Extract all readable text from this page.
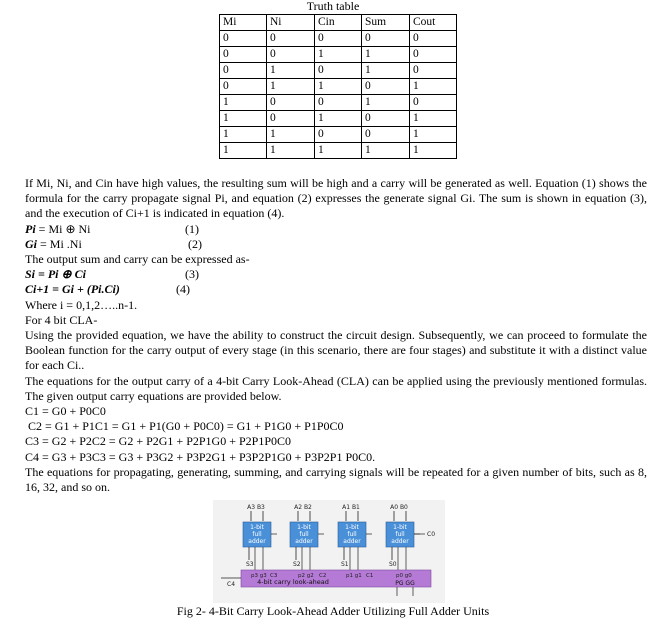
Truth table
Mi	Ni	Cin	Sum	Cout
0	0	0	0	0
0	0	1	1	0
0	1	0	1	0
0	1	1	0	1
1	0	0	1	0
1	0	1	0	1
1	1	0	0	1
1	1	1	1	1

If Mi, Ni, and Cin have high values, the resulting sum will be high and a carry will be generated as well. Equation (1) shows the formula for the carry propagate signal Pi, and equation (2) expresses the generate signal Gi. The sum is shown in equation (3), and the execution of Ci+1 is indicated in equation (4).

Pi = Mi ⊕ Ni	(1)
Gi = Mi .Ni	(2)

The output sum and carry can be expressed as-

Si = Pi ⊕ Ci	(3)
Ci+1 = Gi + (Pi.Ci)	(4)

Where i = 0,1,2…..n-1.

For 4 bit CLA-

Using the provided equation, we have the ability to construct the circuit design. Subsequently, we can proceed to formulate the Boolean function for the carry output of every stage (in this scenario, there are four stages) and substitute it with a distinct value for each Ci..

The equations for the output carry of a 4-bit Carry Look-Ahead (CLA) can be applied using the previously mentioned formulas. The given output carry equations are provided below.

C1 = G0 + P0C0

C2 = G1 + P1C1 = G1 + P1(G0 + P0C0) = G1 + P1G0 + P1P0C0

C3 = G2 + P2C2 = G2 + P2G1 + P2P1G0 + P2P1P0C0

C4 = G3 + P3C3 = G3 + P3G2 + P3P2G1 + P3P2P1G0 + P3P2P1 P0C0.

The equations for propagating, generating, summing, and carrying signals will be repeated for a given number of bits, such as 8, 16, 32, and so on.

A3 B3
1-bit
full
adder
S3
A2 B2
1-bit
full
adder
S2
A1 B1
1-bit
full
adder
S1
A0 B0
1-bit
full
adder
S0
C0
p3 g3 C3	p2 g2 C2	p1 g1 C1	p0 g0
4-bit carry look-ahead
C4	PG GG
Fig 2- 4-Bit Carry Look-Ahead Adder Utilizing Full Adder Units
